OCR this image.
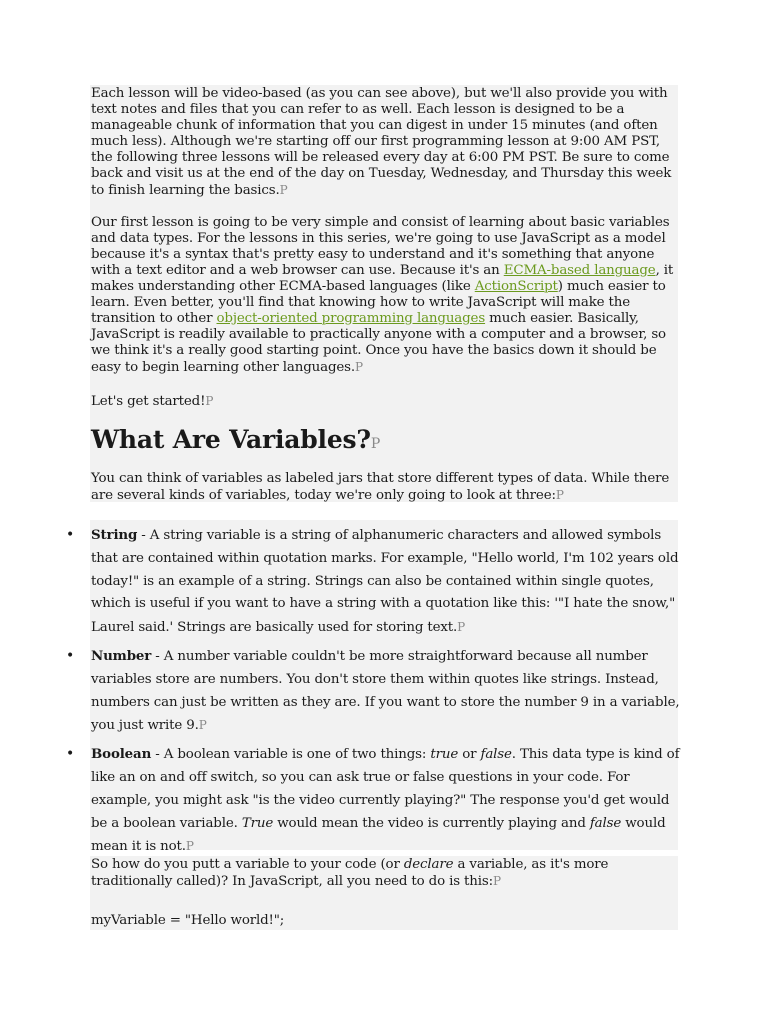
Each lesson will be video-based (as you can see above), but we'll also provide you with text notes and files that you can refer to as well. Each lesson is designed to be a manageable chunk of information that you can digest in under 15 minutes (and often much less). Although we're starting off our first programming lesson at 9:00 AM PST, the following three lessons will be released every day at 6:00 PM PST. Be sure to come back and visit us at the end of the day on Tuesday, Wednesday, and Thursday this week to finish learning the basics.P

Our first lesson is going to be very simple and consist of learning about basic variables and data types. For the lessons in this series, we're going to use JavaScript as a model because it's a syntax that's pretty easy to understand and it's something that anyone with a text editor and a web browser can use. Because it's an ECMA-based language, it makes understanding other ECMA-based languages (like ActionScript) much easier to learn. Even better, you'll find that knowing how to write JavaScript will make the transition to other object-oriented programming languages much easier. Basically, JavaScript is readily available to practically anyone with a computer and a browser, so we think it's a really good starting point. Once you have the basics down it should be easy to begin learning other languages.P

Let's get started!P

What Are Variables?P

You can think of variables as labeled jars that store different types of data. While there are several kinds of variables, today we're only going to look at three:P

• String - A string variable is a string of alphanumeric characters and allowed symbols that are contained within quotation marks. For example, "Hello world, I'm 102 years old today!" is an example of a string. Strings can also be contained within single quotes, which is useful if you want to have a string with a quotation like this: '"I hate the snow," Laurel said.' Strings are basically used for storing text.P
• Number - A number variable couldn't be more straightforward because all number variables store are numbers. You don't store them within quotes like strings. Instead, numbers can just be written as they are. If you want to store the number 9 in a variable, you just write 9.P
• Boolean - A boolean variable is one of two things: true or false. This data type is kind of like an on and off switch, so you can ask true or false questions in your code. For example, you might ask "is the video currently playing?" The response you'd get would be a boolean variable. True would mean the video is currently playing and false would mean it is not.P

So how do you putt a variable to your code (or declare a variable, as it's more traditionally called)? In JavaScript, all you need to do is this:P

myVariable = "Hello world!";
